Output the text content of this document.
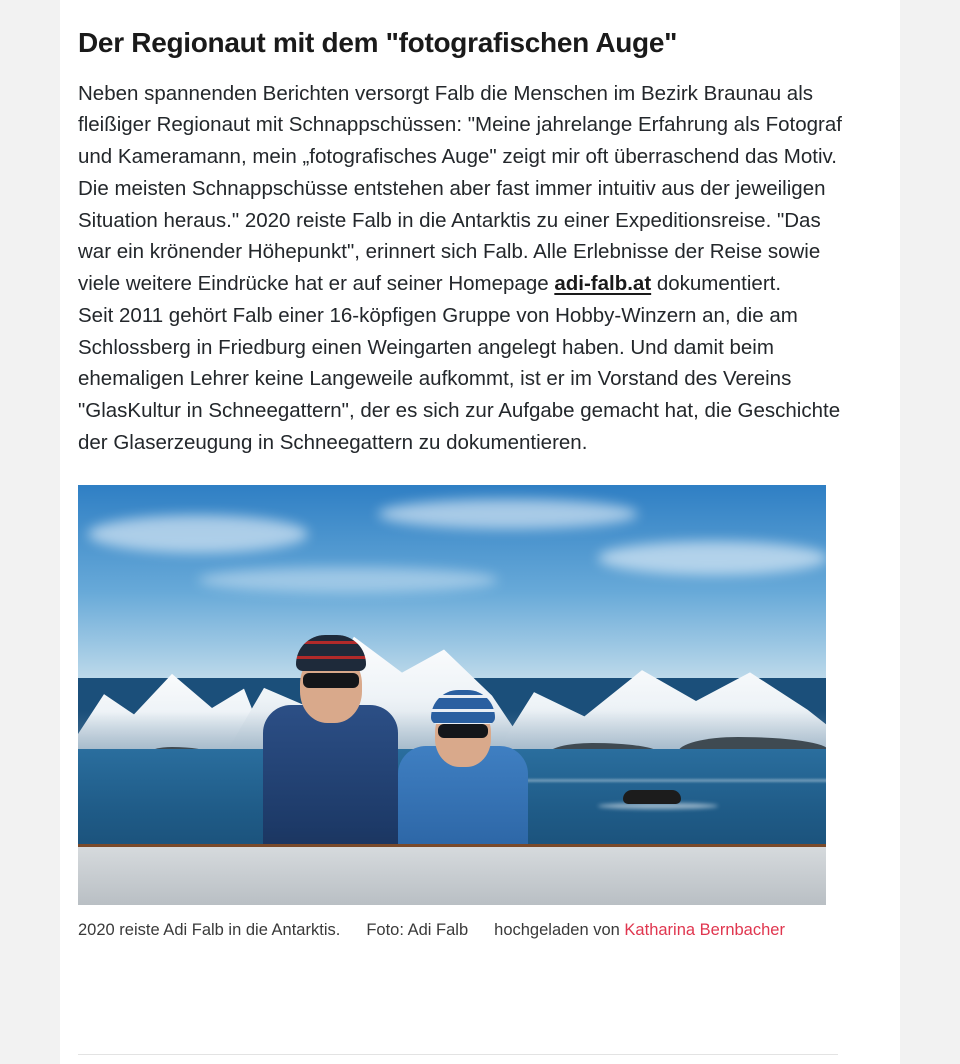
Der Regionaut mit dem "fotografischen Auge"

Neben spannenden Berichten versorgt Falb die Menschen im Bezirk Braunau als fleißiger Regionaut mit Schnappschüssen: "Meine jahrelange Erfahrung als Fotograf und Kameramann, mein „fotografisches Auge" zeigt mir oft überraschend das Motiv. Die meisten Schnappschüsse entstehen aber fast immer intuitiv aus der jeweiligen Situation heraus." 2020 reiste Falb in die Antarktis zu einer Expeditionsreise. "Das war ein krönender Höhepunkt", erinnert sich Falb. Alle Erlebnisse der Reise sowie viele weitere Eindrücke hat er auf seiner Homepage adi-falb.at dokumentiert.

Seit 2011 gehört Falb einer 16-köpfigen Gruppe von Hobby-Winzern an, die am Schlossberg in Friedburg einen Weingarten angelegt haben. Und damit beim ehemaligen Lehrer keine Langeweile aufkommt, ist er im Vorstand des Vereins "GlasKultur in Schneegattern", der es sich zur Aufgabe gemacht hat, die Geschichte der Glaserzeugung in Schneegattern zu dokumentieren.

2020 reiste Adi Falb in die Antarktis. Foto: Adi Falb hochgeladen von Katharina Bernbacher
